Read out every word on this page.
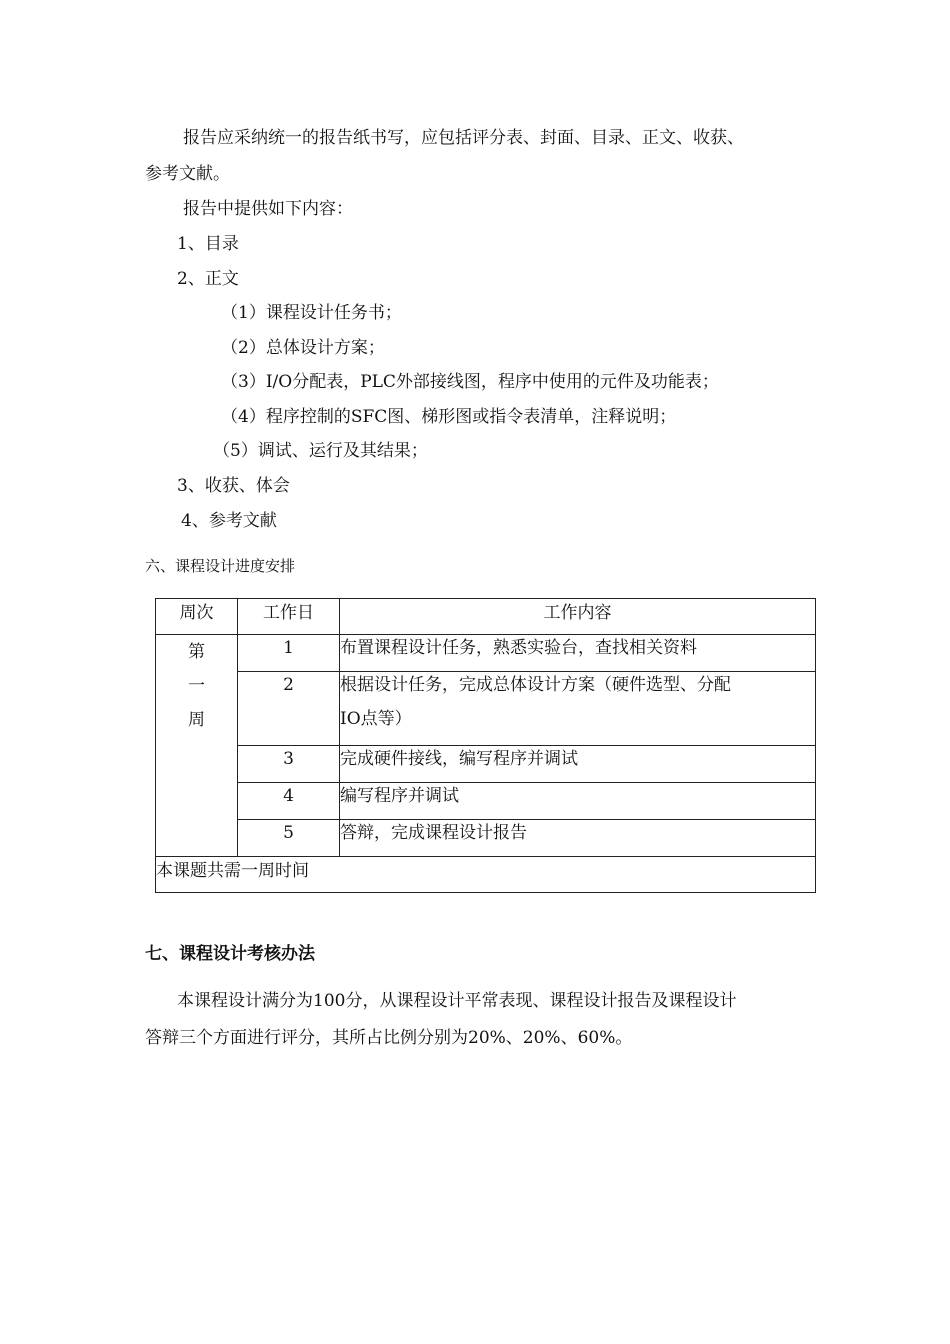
报告应采纳统一的报告纸书写，应包括评分表、封面、目录、正文、收获、
参考文献。
报告中提供如下内容：
1、目录
2、正文
（1）课程设计任务书；
（2）总体设计方案；
（3）I/O分配表，PLC外部接线图，程序中使用的元件及功能表；
（4）程序控制的SFC图、梯形图或指令表清单，注释说明；
（5）调试、运行及其结果；
3、收获、体会
4、参考文献
六、课程设计进度安排
周次	工作日	工作内容

第
一
周	1	布置课程设计任务，熟悉实验台，查找相关资料
	2	根据设计任务，完成总体设计方案（硬件选型、分配
IO点等）

	3	完成硬件接线，编写程序并调试
	4	编写程序并调试
	5	答辩，完成课程设计报告
本课题共需一周时间		
七、课程设计考核办法
本课程设计满分为100分，从课程设计平常表现、课程设计报告及课程设计
答辩三个方面进行评分，其所占比例分别为20%、20%、60%。
